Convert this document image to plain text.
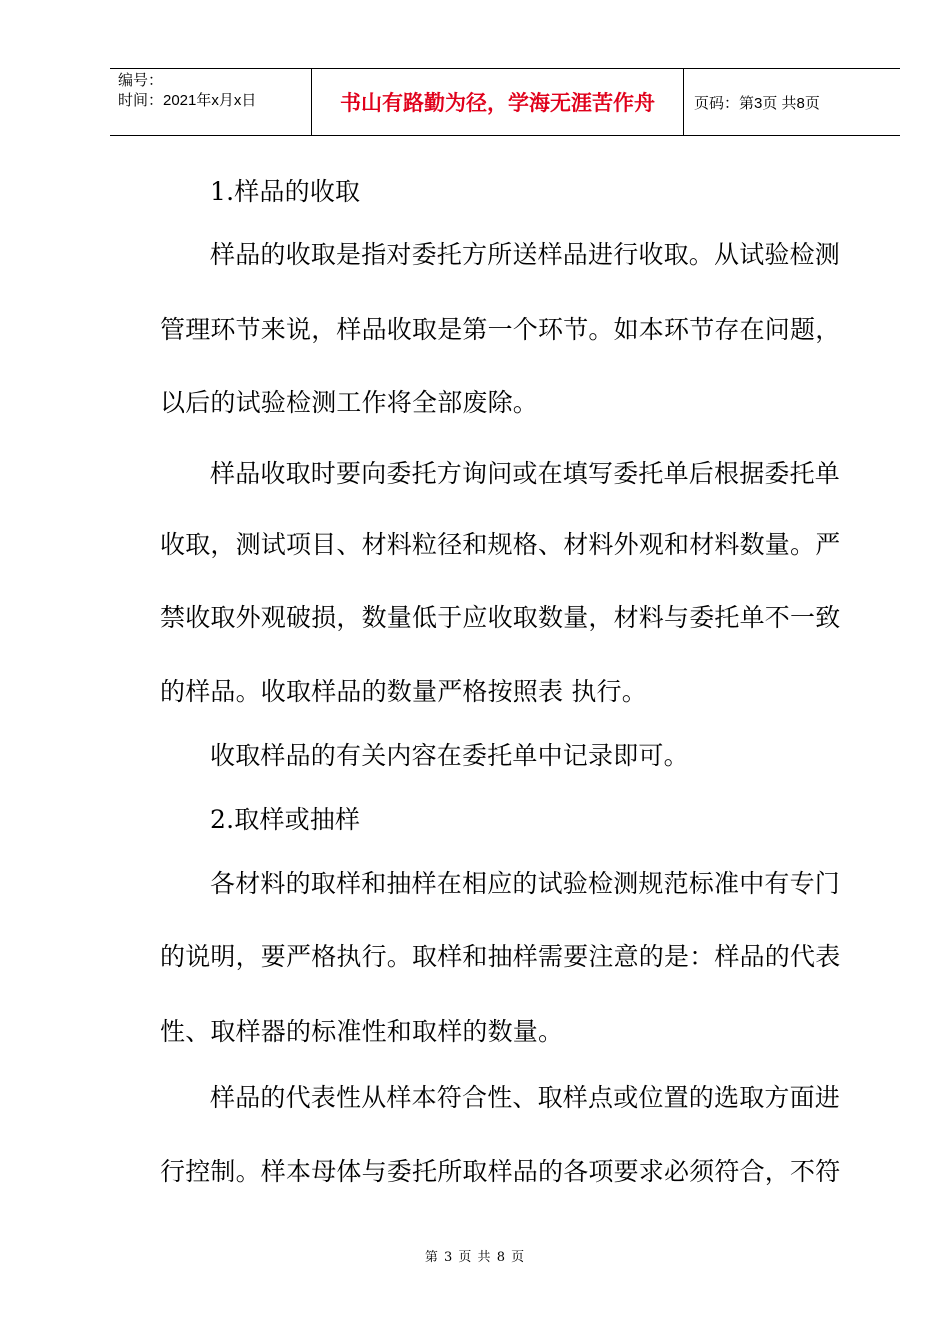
编号：
时间：2021年x月x日	书山有路勤为径，学海无涯苦作舟	页码：第3页 共8页
1.样品的收取
样品的收取是指对委托方所送样品进行收取。从试验检测
管理环节来说，样品收取是第一个环节。如本环节存在问题，
以后的试验检测工作将全部废除。
样品收取时要向委托方询问或在填写委托单后根据委托单
收取，测试项目、材料粒径和规格、材料外观和材料数量。严
禁收取外观破损，数量低于应收取数量，材料与委托单不一致
的样品。收取样品的数量严格按照表 执行。
收取样品的有关内容在委托单中记录即可。
2.取样或抽样
各材料的取样和抽样在相应的试验检测规范标准中有专门
的说明，要严格执行。取样和抽样需要注意的是：样品的代表
性、取样器的标准性和取样的数量。
样品的代表性从样本符合性、取样点或位置的选取方面进
行控制。样本母体与委托所取样品的各项要求必须符合，不符
第 3 页 共 8 页
